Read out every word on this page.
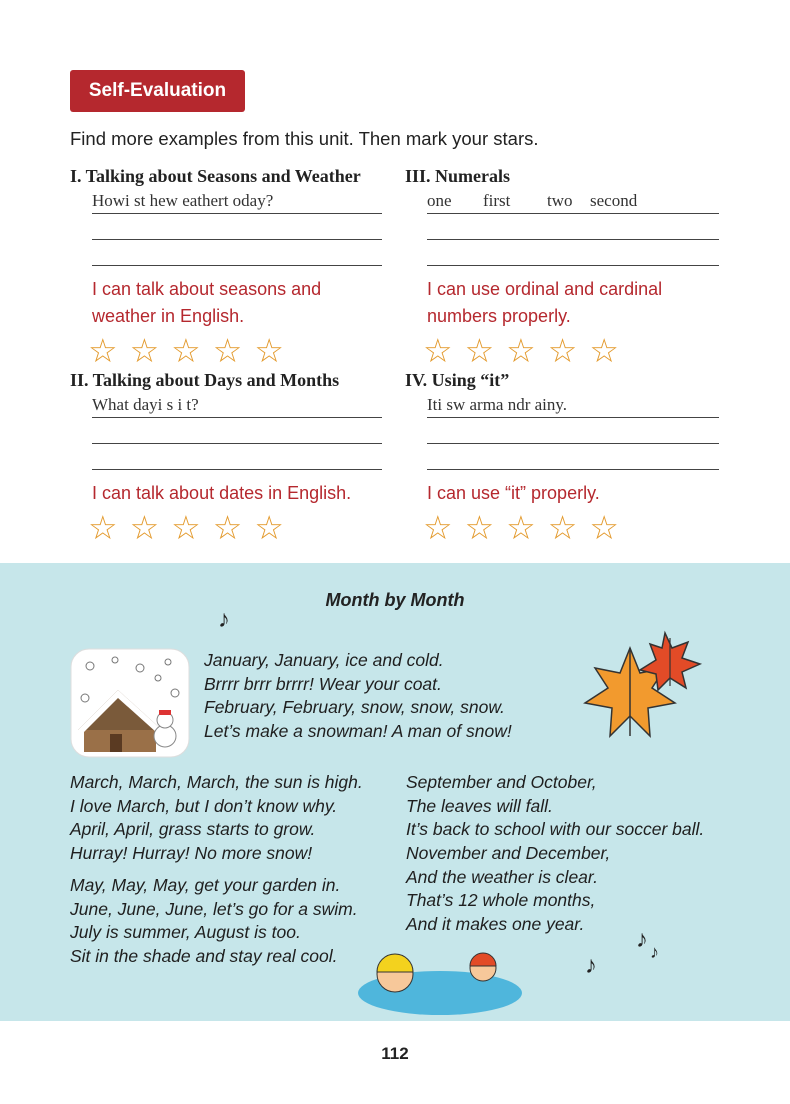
Self-Evaluation
Find more examples from this unit. Then mark your stars.
I. Talking about Seasons and Weather
Howi st hew eathert oday?
I can talk about seasons and
weather in English.
☆☆☆☆☆
III. Numerals
one first two second
I can use ordinal and cardinal
numbers properly.
☆☆☆☆☆
II. Talking about Days and Months
What dayi s i t?
I can talk about dates in English.
☆☆☆☆☆
IV. Using “it”
Iti sw arma ndr ainy.
I can use “it” properly.
☆☆☆☆☆
Month by Month
♪
♪ ♪
♪
January, January, ice and cold.
Brrrr brrr brrrr! Wear your coat.
February, February, snow, snow, snow.
Let’s make a snowman! A man of snow!
March, March, March, the sun is high.
I love March, but I don’t know why.
April, April, grass starts to grow.
Hurray! Hurray! No more snow!
May, May, May, get your garden in.
June, June, June, let’s go for a swim.
July is summer, August is too.
Sit in the shade and stay real cool.
September and October,
The leaves will fall.
It’s back to school with our soccer ball.
November and December,
And the weather is clear.
That’s 12 whole months,
And it makes one year.
112
